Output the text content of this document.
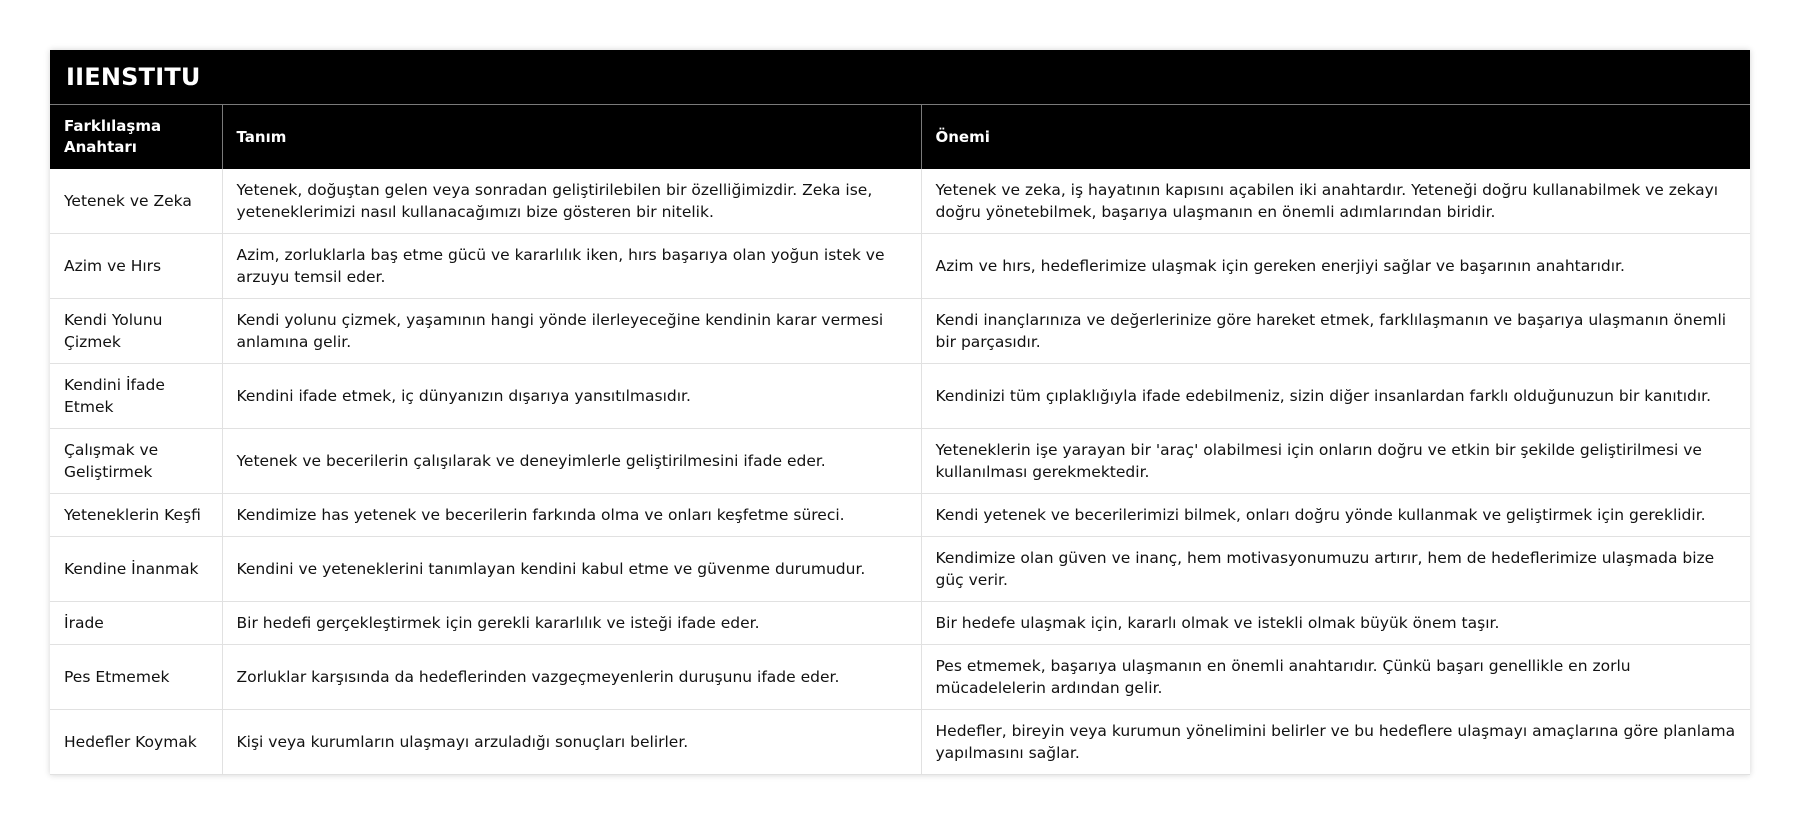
IIENSTITU
Farklılaşma Anahtarı	Tanım	Önemi
Yetenek ve Zeka	Yetenek, doğuştan gelen veya sonradan geliştirilebilen bir özelliğimizdir. Zeka ise, yeteneklerimizi nasıl kullanacağımızı bize gösteren bir nitelik.	Yetenek ve zeka, iş hayatının kapısını açabilen iki anahtardır. Yeteneği doğru kullanabilmek ve zekayı doğru yönetebilmek, başarıya ulaşmanın en önemli adımlarından biridir.
Azim ve Hırs	Azim, zorluklarla baş etme gücü ve kararlılık iken, hırs başarıya olan yoğun istek ve arzuyu temsil eder.	Azim ve hırs, hedeflerimize ulaşmak için gereken enerjiyi sağlar ve başarının anahtarıdır.
Kendi Yolunu Çizmek	Kendi yolunu çizmek, yaşamının hangi yönde ilerleyeceğine kendinin karar vermesi anlamına gelir.	Kendi inançlarınıza ve değerlerinize göre hareket etmek, farklılaşmanın ve başarıya ulaşmanın önemli bir parçasıdır.
Kendini İfade Etmek	Kendini ifade etmek, iç dünyanızın dışarıya yansıtılmasıdır.	Kendinizi tüm çıplaklığıyla ifade edebilmeniz, sizin diğer insanlardan farklı olduğunuzun bir kanıtıdır.
Çalışmak ve Geliştirmek	Yetenek ve becerilerin çalışılarak ve deneyimlerle geliştirilmesini ifade eder.	Yeteneklerin işe yarayan bir 'araç' olabilmesi için onların doğru ve etkin bir şekilde geliştirilmesi ve kullanılması gerekmektedir.
Yeteneklerin Keşfi	Kendimize has yetenek ve becerilerin farkında olma ve onları keşfetme süreci.	Kendi yetenek ve becerilerimizi bilmek, onları doğru yönde kullanmak ve geliştirmek için gereklidir.
Kendine İnanmak	Kendini ve yeteneklerini tanımlayan kendini kabul etme ve güvenme durumudur.	Kendimize olan güven ve inanç, hem motivasyonumuzu artırır, hem de hedeflerimize ulaşmada bize güç verir.
İrade	Bir hedefi gerçekleştirmek için gerekli kararlılık ve isteği ifade eder.	Bir hedefe ulaşmak için, kararlı olmak ve istekli olmak büyük önem taşır.
Pes Etmemek	Zorluklar karşısında da hedeflerinden vazgeçmeyenlerin duruşunu ifade eder.	Pes etmemek, başarıya ulaşmanın en önemli anahtarıdır. Çünkü başarı genellikle en zorlu mücadelelerin ardından gelir.
Hedefler Koymak	Kişi veya kurumların ulaşmayı arzuladığı sonuçları belirler.	Hedefler, bireyin veya kurumun yönelimini belirler ve bu hedeflere ulaşmayı amaçlarına göre planlama yapılmasını sağlar.
